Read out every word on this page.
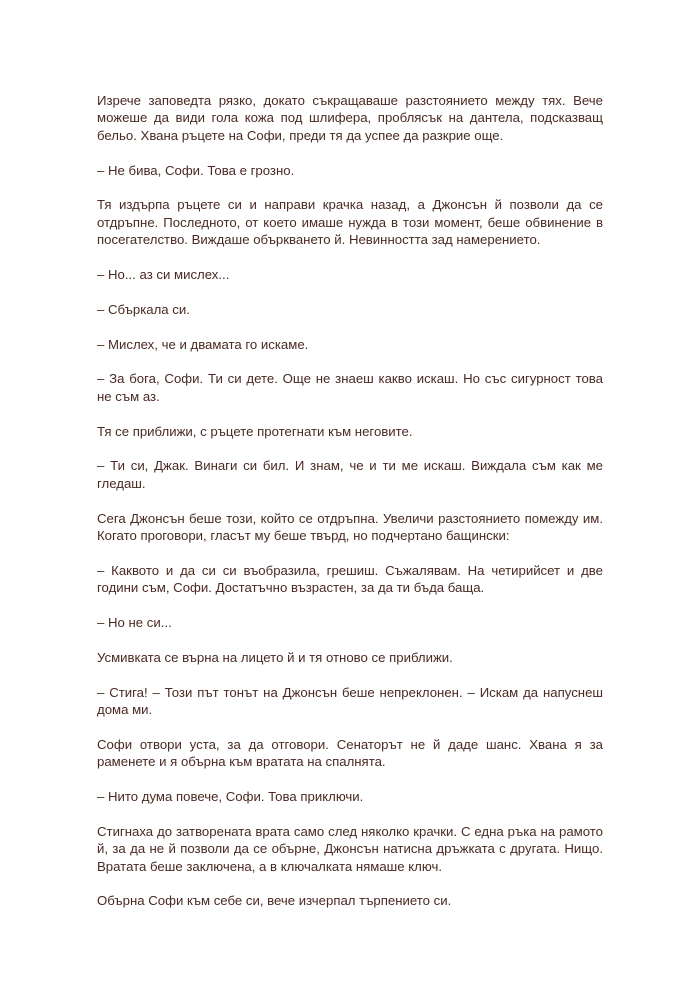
Изрече заповедта рязко, докато съкращаваше разстоянието между тях. Вече можеше да види гола кожа под шлифера, проблясък на дантела, подсказващ бельо. Хвана ръцете на Софи, преди тя да успее да разкрие още.

– Не бива, Софи. Това е грозно.

Тя издърпа ръцете си и направи крачка назад, а Джонсън й позволи да се отдръпне. Последното, от което имаше нужда в този момент, беше обвинение в посегателство. Виждаше объркването й. Невинността зад намерението.

– Но... аз си мислех...

– Сбъркала си.

– Мислех, че и двамата го искаме.

– За бога, Софи. Ти си дете. Още не знаеш какво искаш. Но със сигурност това не съм аз.

Тя се приближи, с ръцете протегнати към неговите.

– Ти си, Джак. Винаги си бил. И знам, че и ти ме искаш. Виждала съм как ме гледаш.

Сега Джонсън беше този, който се отдръпна. Увеличи разстоянието помежду им. Когато проговори, гласът му беше твърд, но подчертано бащински:

– Каквото и да си си въобразила, грешиш. Съжалявам. На четирийсет и две години съм, Софи. Достатъчно възрастен, за да ти бъда баща.

– Но не си...

Усмивката се върна на лицето й и тя отново се приближи.

– Стига! – Този път тонът на Джонсън беше непреклонен. – Искам да напуснеш дома ми.

Софи отвори уста, за да отговори. Сенаторът не й даде шанс. Хвана я за раменете и я обърна към вратата на спалнята.

– Нито дума повече, Софи. Това приключи.

Стигнаха до затворената врата само след няколко крачки. С една ръка на рамото й, за да не й позволи да се обърне, Джонсън натисна дръжката с другата. Нищо. Вратата беше заключена, а в ключалката нямаше ключ.

Обърна Софи към себе си, вече изчерпал търпението си.
